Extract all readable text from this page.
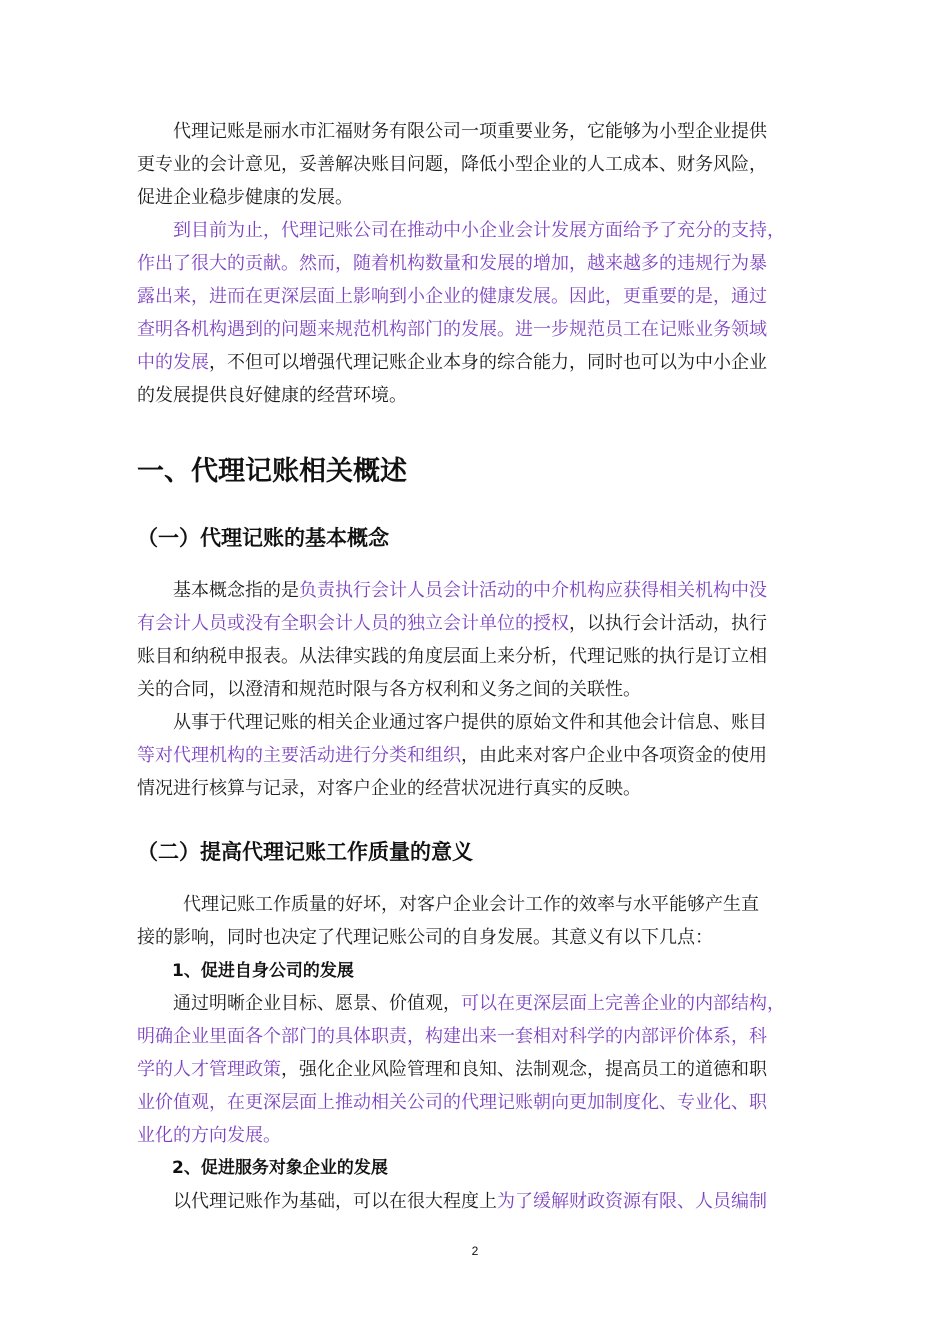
代理记账是丽水市汇福财务有限公司一项重要业务，它能够为小型企业提供
更专业的会计意见，妥善解决账目问题，降低小型企业的人工成本、财务风险，
促进企业稳步健康的发展。
到目前为止，代理记账公司在推动中小企业会计发展方面给予了充分的支持，
作出了很大的贡献。然而，随着机构数量和发展的增加，越来越多的违规行为暴
露出来，进而在更深层面上影响到小企业的健康发展。因此，更重要的是，通过
查明各机构遇到的问题来规范机构部门的发展。进一步规范员工在记账业务领域
中的发展，不但可以增强代理记账企业本身的综合能力，同时也可以为中小企业
的发展提供良好健康的经营环境。
一、代理记账相关概述
（一）代理记账的基本概念
基本概念指的是负责执行会计人员会计活动的中介机构应获得相关机构中没
有会计人员或没有全职会计人员的独立会计单位的授权，以执行会计活动，执行
账目和纳税申报表。从法律实践的角度层面上来分析，代理记账的执行是订立相
关的合同，以澄清和规范时限与各方权利和义务之间的关联性。
从事于代理记账的相关企业通过客户提供的原始文件和其他会计信息、账目
等对代理机构的主要活动进行分类和组织，由此来对客户企业中各项资金的使用
情况进行核算与记录，对客户企业的经营状况进行真实的反映。
（二）提高代理记账工作质量的意义
代理记账工作质量的好坏，对客户企业会计工作的效率与水平能够产生直
接的影响，同时也决定了代理记账公司的自身发展。其意义有以下几点：
1、促进自身公司的发展
通过明晰企业目标、愿景、价值观，可以在更深层面上完善企业的内部结构，
明确企业里面各个部门的具体职责，构建出来一套相对科学的内部评价体系，科
学的人才管理政策，强化企业风险管理和良知、法制观念，提高员工的道德和职
业价值观，在更深层面上推动相关公司的代理记账朝向更加制度化、专业化、职
业化的方向发展。
2、促进服务对象企业的发展
以代理记账作为基础，可以在很大程度上为了缓解财政资源有限、人员编制
2
